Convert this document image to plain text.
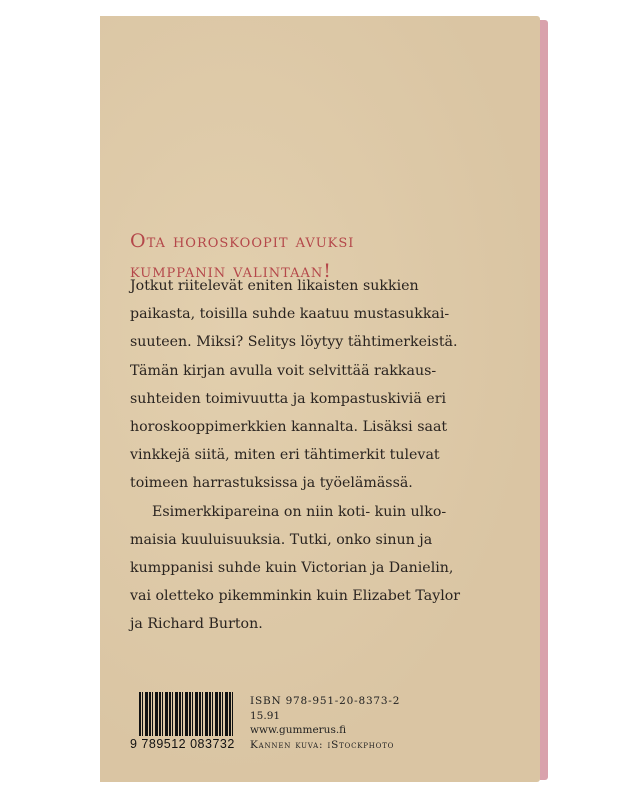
Ota horoskoopit avuksi
kumppanin valintaan!

Jotkut riitelevät eniten likaisten sukkien

paikasta, toisilla suhde kaatuu mustasukkai-

suuteen. Miksi? Selitys löytyy tähtimerkeistä.

Tämän kirjan avulla voit selvittää rakkaus-

suhteiden toimivuutta ja kompastuskiviä eri

horoskooppimerkkien kannalta. Lisäksi saat

vinkkejä siitä, miten eri tähtimerkit tulevat

toimeen harrastuksissa ja työelämässä.

Esimerkkipareina on niin koti- kuin ulko-

maisia kuuluisuuksia. Tutki, onko sinun ja

kumppanisi suhde kuin Victorian ja Danielin,

vai oletteko pikemminkin kuin Elizabet Taylor

ja Richard Burton.

9 789512 083732
ISBN 978-951-20-8373-2
15.91
www.gummerus.fi
Kannen kuva: iStockphoto
